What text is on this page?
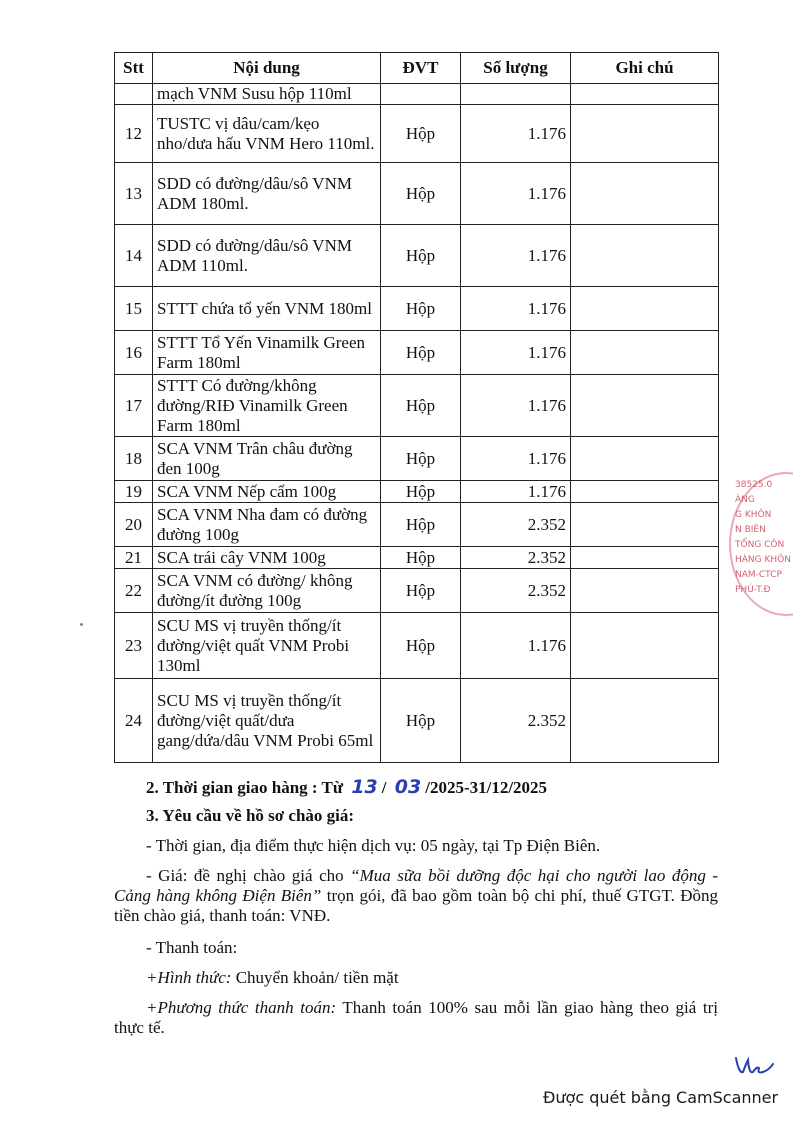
Stt	Nội dung	ĐVT	Số lượng	Ghi chú
	mạch VNM Susu hộp 110ml			
12	TUSTC vị dâu/cam/kẹo nho/dưa hấu VNM Hero 110ml.	Hộp	1.176	
13	SDD có đường/dâu/sô VNM ADM 180ml.	Hộp	1.176	
14	SDD có đường/dâu/sô VNM ADM 110ml.	Hộp	1.176	
15	STTT chứa tổ yến VNM 180ml	Hộp	1.176	
16	STTT Tổ Yến Vinamilk Green Farm 180ml	Hộp	1.176	
17	STTT Có đường/không đường/RIĐ Vinamilk Green Farm 180ml	Hộp	1.176	
18	SCA VNM Trân châu đường đen 100g	Hộp	1.176	
19	SCA VNM Nếp cẩm 100g	Hộp	1.176	
20	SCA VNM Nha đam có đường đường 100g	Hộp	2.352	
21	SCA trái cây VNM 100g	Hộp	2.352	
22	SCA VNM có đường/ không đường/ít đường 100g	Hộp	2.352	
23	SCU MS vị truyền thống/ít đường/việt quất VNM Probi 130ml	Hộp	1.176	
24	SCU MS vị truyền thống/ít đường/việt quất/dưa gang/dứa/dâu VNM Probi 65ml	Hộp	2.352	
2. Thời gian giao hàng : Từ 13 / 03 /2025-31/12/2025
3. Yêu cầu về hồ sơ chào giá:
- Thời gian, địa điểm thực hiện dịch vụ: 05 ngày, tại Tp Điện Biên.
- Giá: đề nghị chào giá cho “Mua sữa bồi dưỡng độc hại cho người lao động - Cảng hàng không Điện Biên” trọn gói, đã bao gồm toàn bộ chi phí, thuế GTGT. Đồng tiền chào giá, thanh toán: VNĐ.
- Thanh toán:
+Hình thức: Chuyển khoản/ tiền mặt
+Phương thức thanh toán: Thanh toán 100% sau mỗi lần giao hàng theo giá trị thực tế.
38525.0
ÀNG
G KHÔN
N BIÊN
TỔNG CÔN
HÀNG KHÔN
NAM-CTCP
PHÚ-T.Đ
Được quét bằng CamScanner
